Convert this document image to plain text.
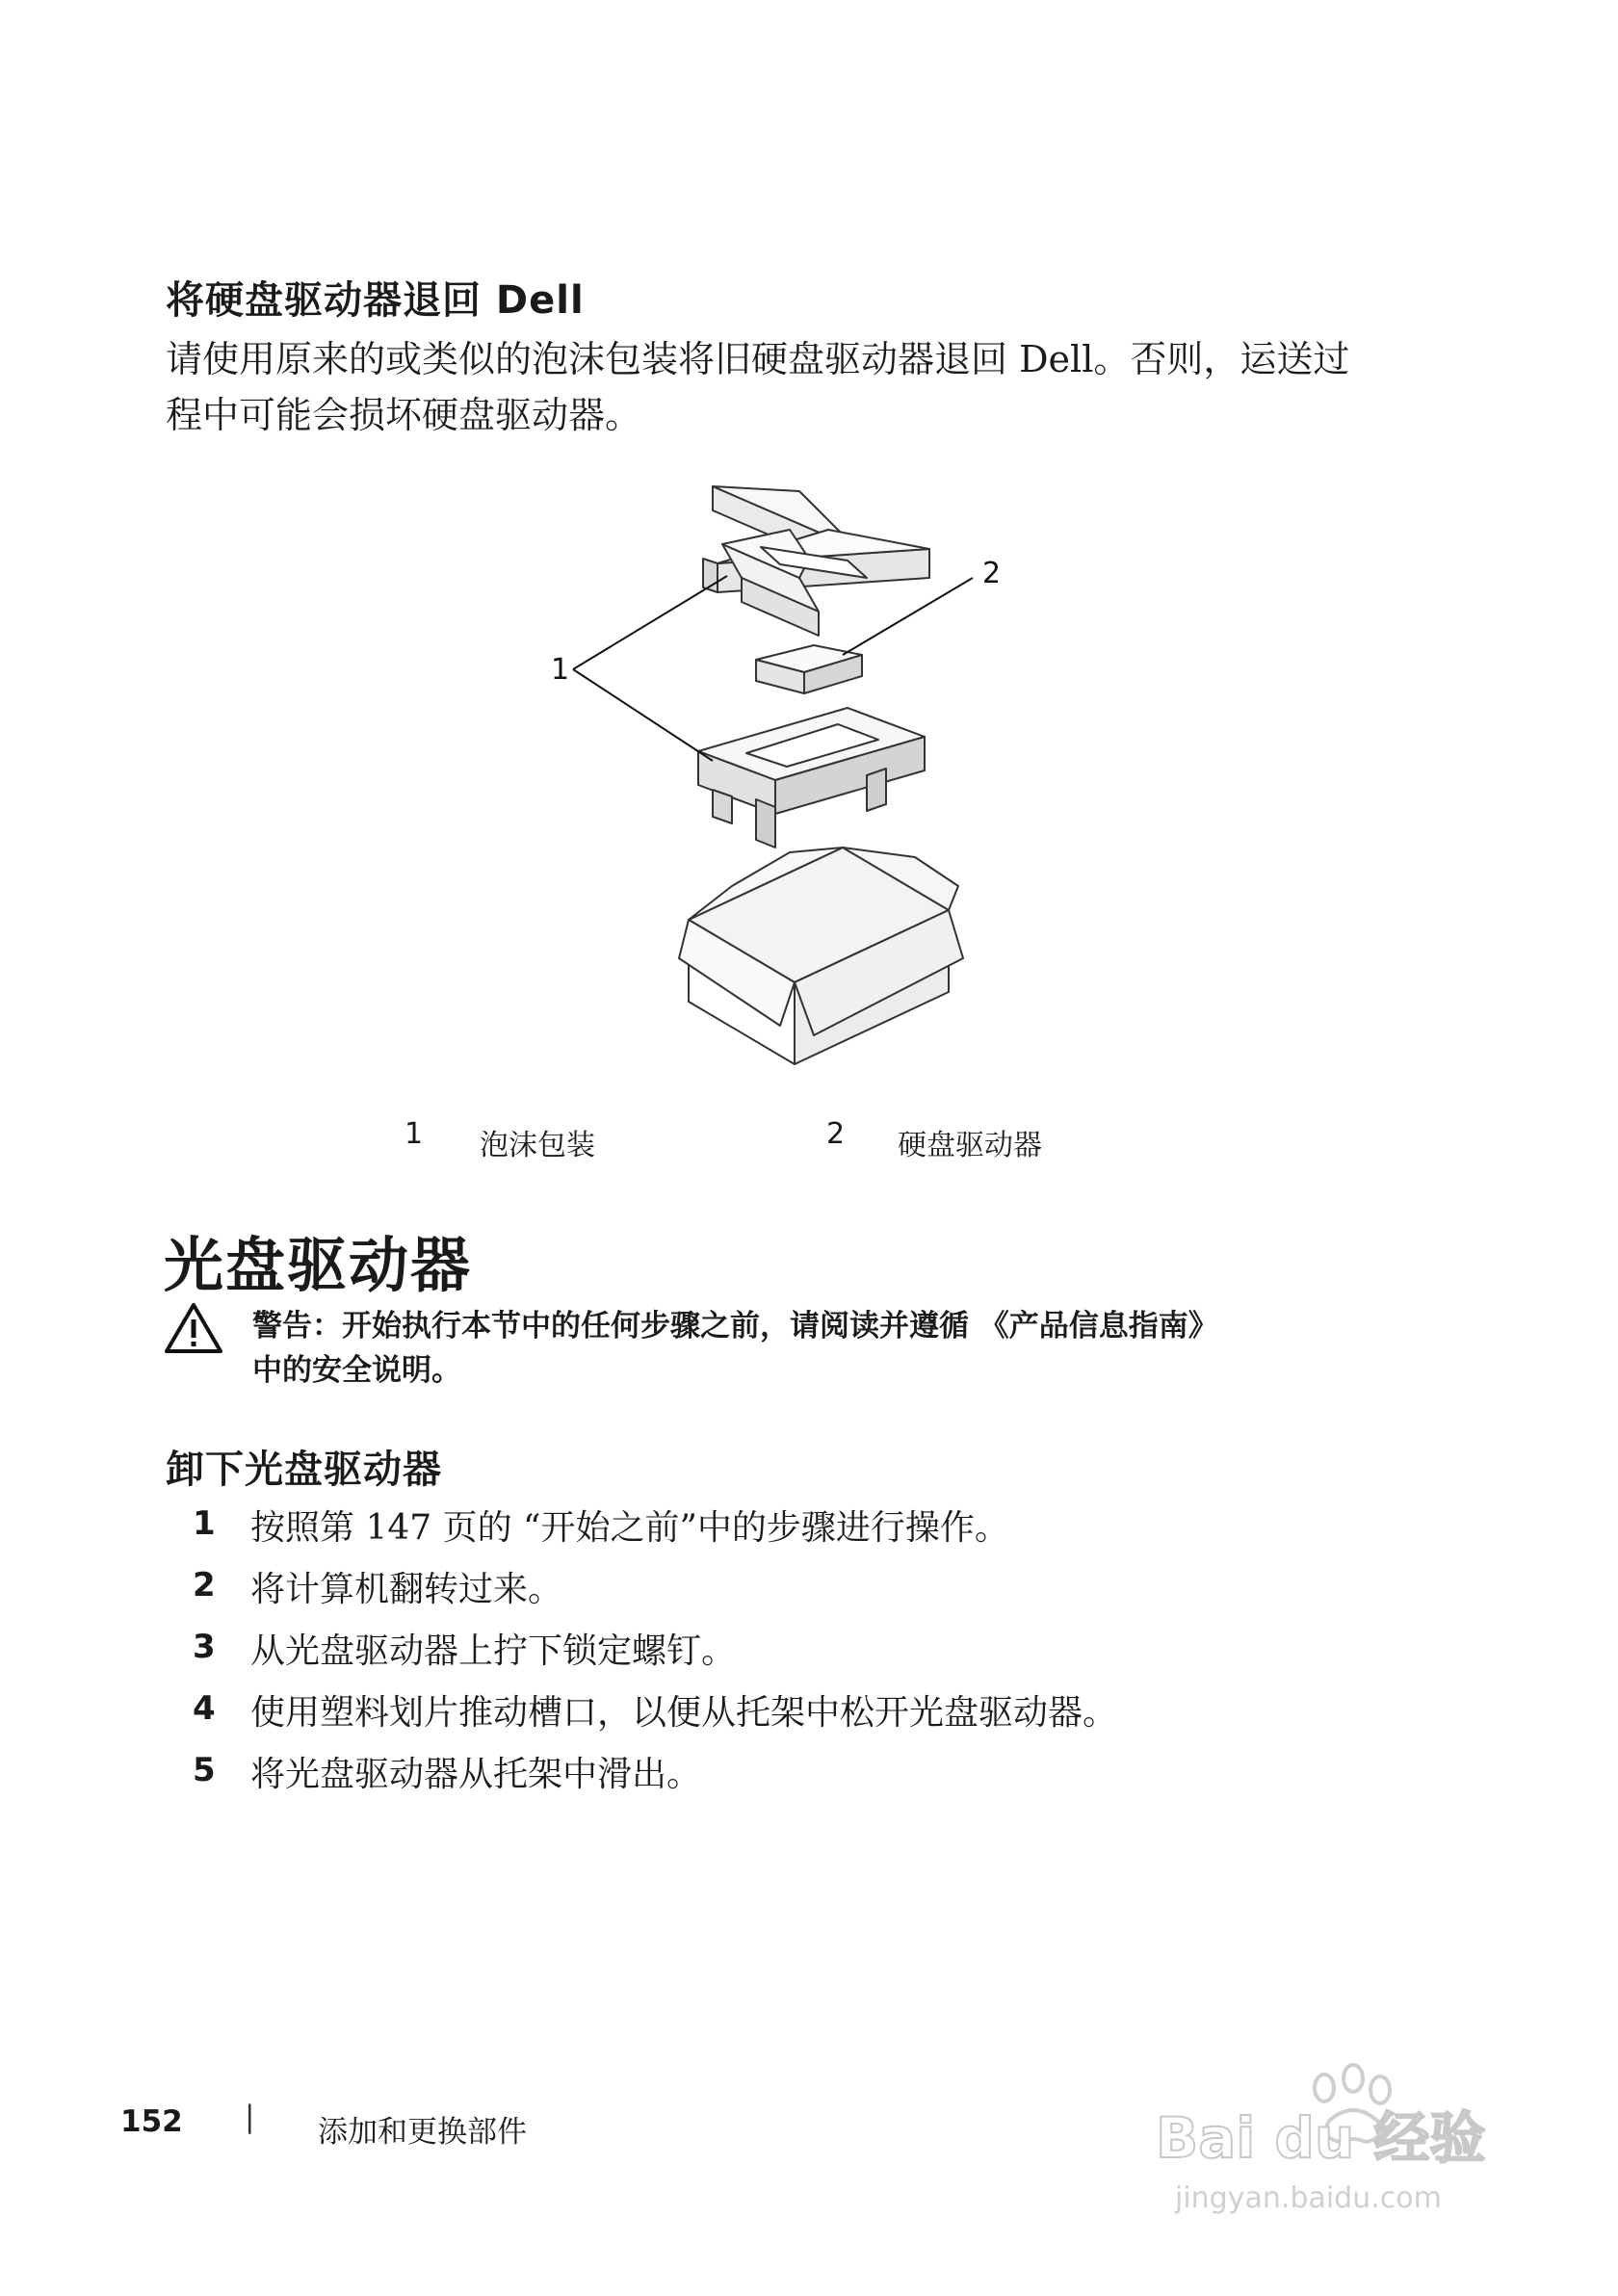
将硬盘驱动器退回 Dell
请使用原来的或类似的泡沫包装将旧硬盘驱动器退回 Dell。否则，运送过
程中可能会损坏硬盘驱动器。
1
2
1 泡沫包装	2 硬盘驱动器
光盘驱动器
警告：开始执行本节中的任何步骤之前，请阅读并遵循 《产品信息指南》
中的安全说明。
卸下光盘驱动器
1 按照第 147 页的 “开始之前”中的步骤进行操作。
2 将计算机翻转过来。
3 从光盘驱动器上拧下锁定螺钉。
4 使用塑料划片推动槽口，以便从托架中松开光盘驱动器。
5 将光盘驱动器从托架中滑出。
152 | 添加和更换部件	Bai du 经验
jingyan.baidu.com
